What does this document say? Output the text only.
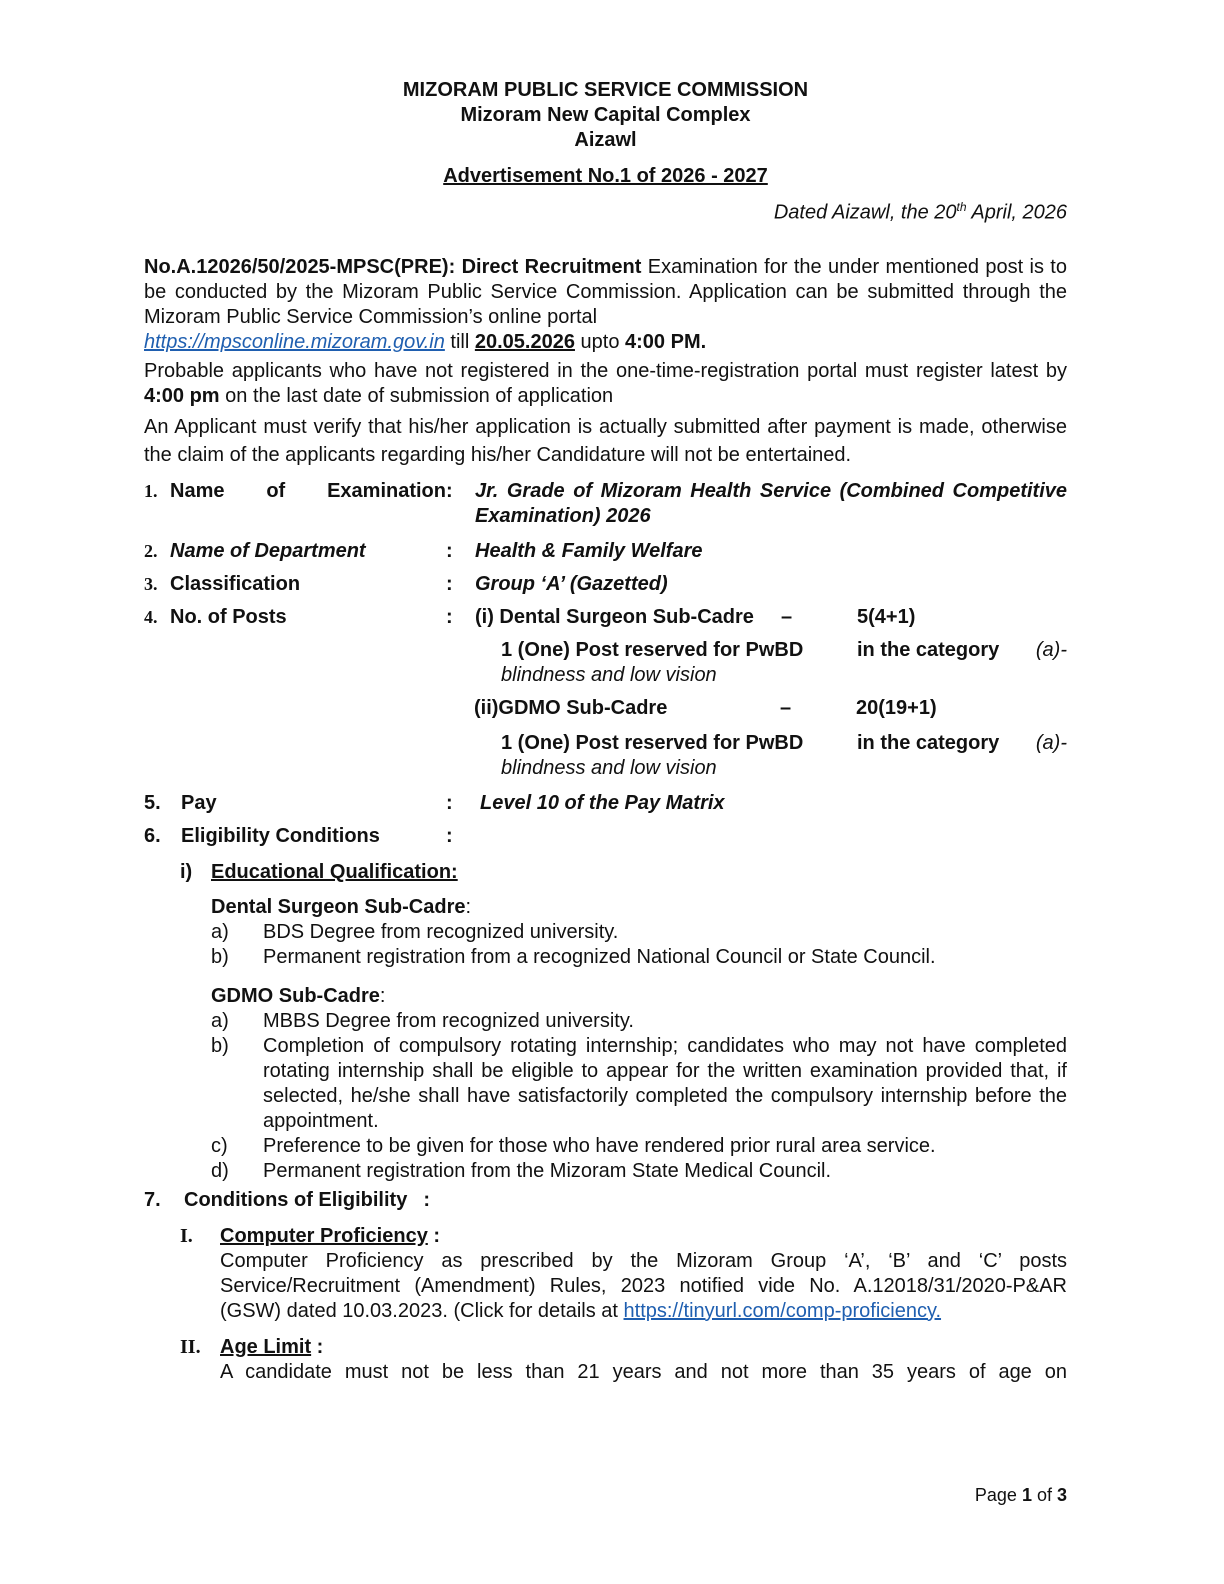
MIZORAM PUBLIC SERVICE COMMISSION
Mizoram New Capital Complex
Aizawl
Advertisement No.1 of 2026 - 2027
Dated Aizawl, the 20th April, 2026

No.A.12026/50/2025-MPSC(PRE): Direct Recruitment Examination for the under mentioned post is to be conducted by the Mizoram Public Service Commission. Application can be submitted through the Mizoram Public Service Commission’s online portal
https://mpsconline.mizoram.gov.in till 20.05.2026 upto 4:00 PM.

Probable applicants who have not registered in the one-time-registration portal must register latest by 4:00 pm on the last date of submission of application

An Applicant must verify that his/her application is actually submitted after payment is made, otherwise the claim of the applicants regarding his/her Candidature will not be entertained.

1. Name of Examination :	Jr. Grade of Mizoram Health Service (Combined Competitive Examination) 2026
2. Name of Department	:	Health & Family Welfare
3. Classification	:	Group ‘A’ (Gazetted)
4. No. of Posts	:	(i) Dental Surgeon Sub-Cadre	–	5(4+1)
1 (One) Post reserved for PwBD	in the category	(a)-
blindness and low vision
(ii)GDMO Sub-Cadre	–	20(19+1)
1 (One) Post reserved for PwBD	in the category	(a)-
blindness and low vision
5.	Pay	:	Level 10 of the Pay Matrix
6.	Eligibility Conditions	:
i) Educational Qualification:
Dental Surgeon Sub-Cadre:
a)	BDS Degree from recognized university.
b)	Permanent registration from a recognized National Council or State Council.
GDMO Sub-Cadre:
a)	MBBS Degree from recognized university.
b)	Completion of compulsory rotating internship; candidates who may not have completed rotating internship shall be eligible to appear for the written examination provided that, if selected, he/she shall have satisfactorily completed the compulsory internship before the appointment.
c)	Preference to be given for those who have rendered prior rural area service.
d)	Permanent registration from the Mizoram State Medical Council.
7.	Conditions of Eligibility :
I.	Computer Proficiency :

Computer Proficiency as prescribed by the Mizoram Group ‘A’, ‘B’ and ‘C’ posts Service/Recruitment (Amendment) Rules, 2023 notified vide No. A.12018/31/2020-P&AR (GSW) dated 10.03.2023. (Click for details at https://tinyurl.com/comp-proficiency.

II. Age Limit :

A candidate must not be less than 21 years and not more than 35 years of age on

Page 1 of 3
